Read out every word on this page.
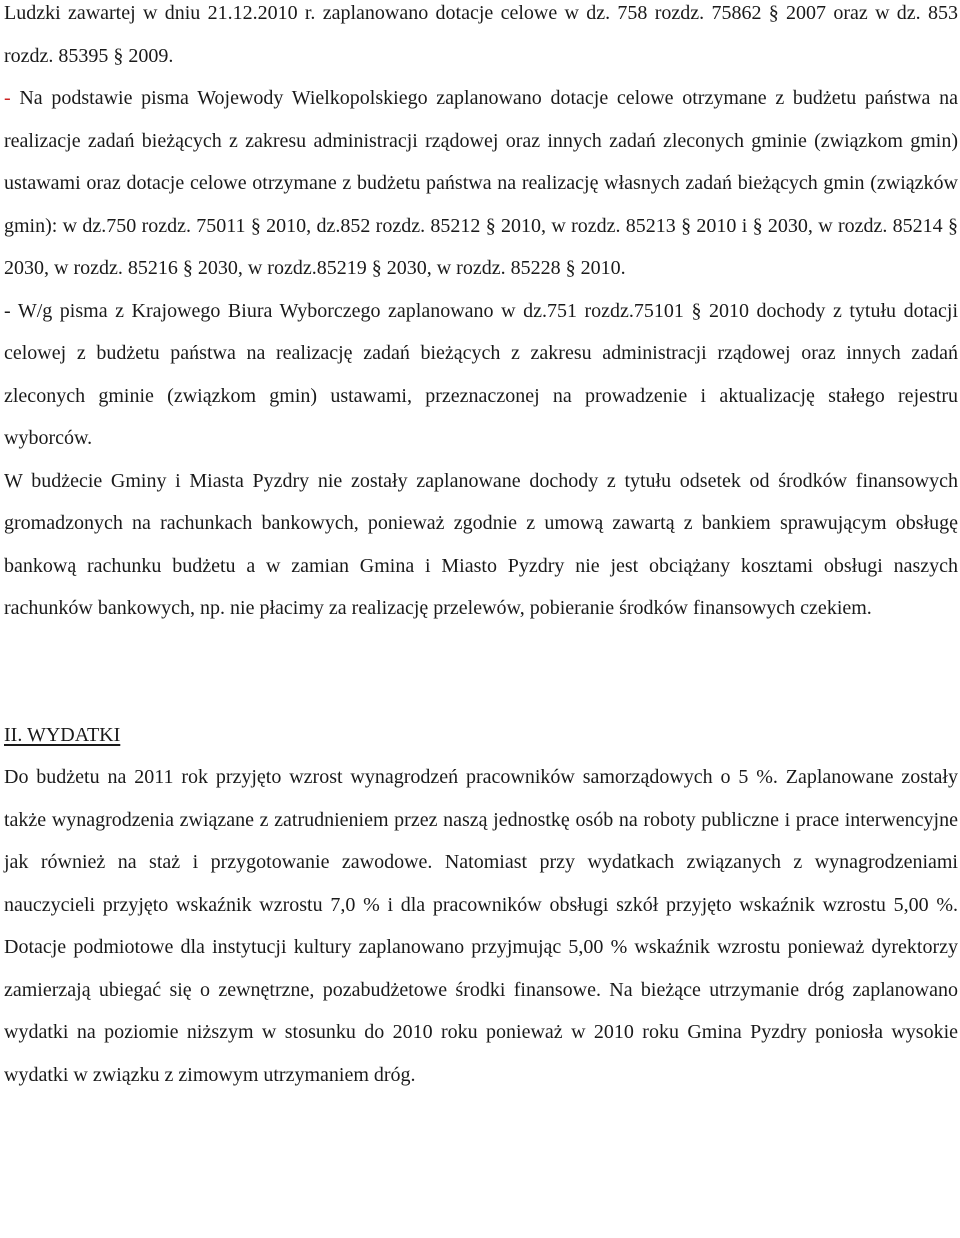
Ludzki zawartej w dniu 21.12.2010 r. zaplanowano dotacje celowe w dz. 758 rozdz. 75862 § 2007 oraz w dz. 853 rozdz. 85395 § 2009.

- Na podstawie pisma Wojewody Wielkopolskiego zaplanowano dotacje celowe otrzymane z budżetu państwa na realizacje zadań bieżących z zakresu administracji rządowej oraz innych zadań zleconych gminie (związkom gmin) ustawami oraz dotacje celowe otrzymane z budżetu państwa na realizację własnych zadań bieżących gmin (związków gmin): w dz.750 rozdz. 75011 § 2010, dz.852 rozdz. 85212 § 2010, w rozdz. 85213 § 2010 i § 2030, w rozdz. 85214 § 2030, w rozdz. 85216 § 2030, w rozdz.85219 § 2030, w rozdz. 85228 § 2010.

- W/g pisma z Krajowego Biura Wyborczego zaplanowano w dz.751 rozdz.75101 § 2010 dochody z tytułu dotacji celowej z budżetu państwa na realizację zadań bieżących z zakresu administracji rządowej oraz innych zadań zleconych gminie (związkom gmin) ustawami, przeznaczonej na prowadzenie i aktualizację stałego rejestru wyborców.

W budżecie Gminy i Miasta Pyzdry nie zostały zaplanowane dochody z tytułu odsetek od środków finansowych gromadzonych na rachunkach bankowych, ponieważ zgodnie z umową zawartą z bankiem sprawującym obsługę bankową rachunku budżetu a w zamian Gmina i Miasto Pyzdry nie jest obciążany kosztami obsługi naszych rachunków bankowych, np. nie płacimy za realizację przelewów, pobieranie środków finansowych czekiem.

II. WYDATKI

Do budżetu na 2011 rok przyjęto wzrost wynagrodzeń pracowników samorządowych o 5 %. Zaplanowane zostały także wynagrodzenia związane z zatrudnieniem przez naszą jednostkę osób na roboty publiczne i prace interwencyjne jak również na staż i przygotowanie zawodowe. Natomiast przy wydatkach związanych z wynagrodzeniami nauczycieli przyjęto wskaźnik wzrostu 7,0 % i dla pracowników obsługi szkół przyjęto wskaźnik wzrostu 5,00 %. Dotacje podmiotowe dla instytucji kultury zaplanowano przyjmując 5,00 % wskaźnik wzrostu ponieważ dyrektorzy zamierzają ubiegać się o zewnętrzne, pozabudżetowe środki finansowe. Na bieżące utrzymanie dróg zaplanowano wydatki na poziomie niższym w stosunku do 2010 roku ponieważ w 2010 roku Gmina Pyzdry poniosła wysokie wydatki w związku z zimowym utrzymaniem dróg.
